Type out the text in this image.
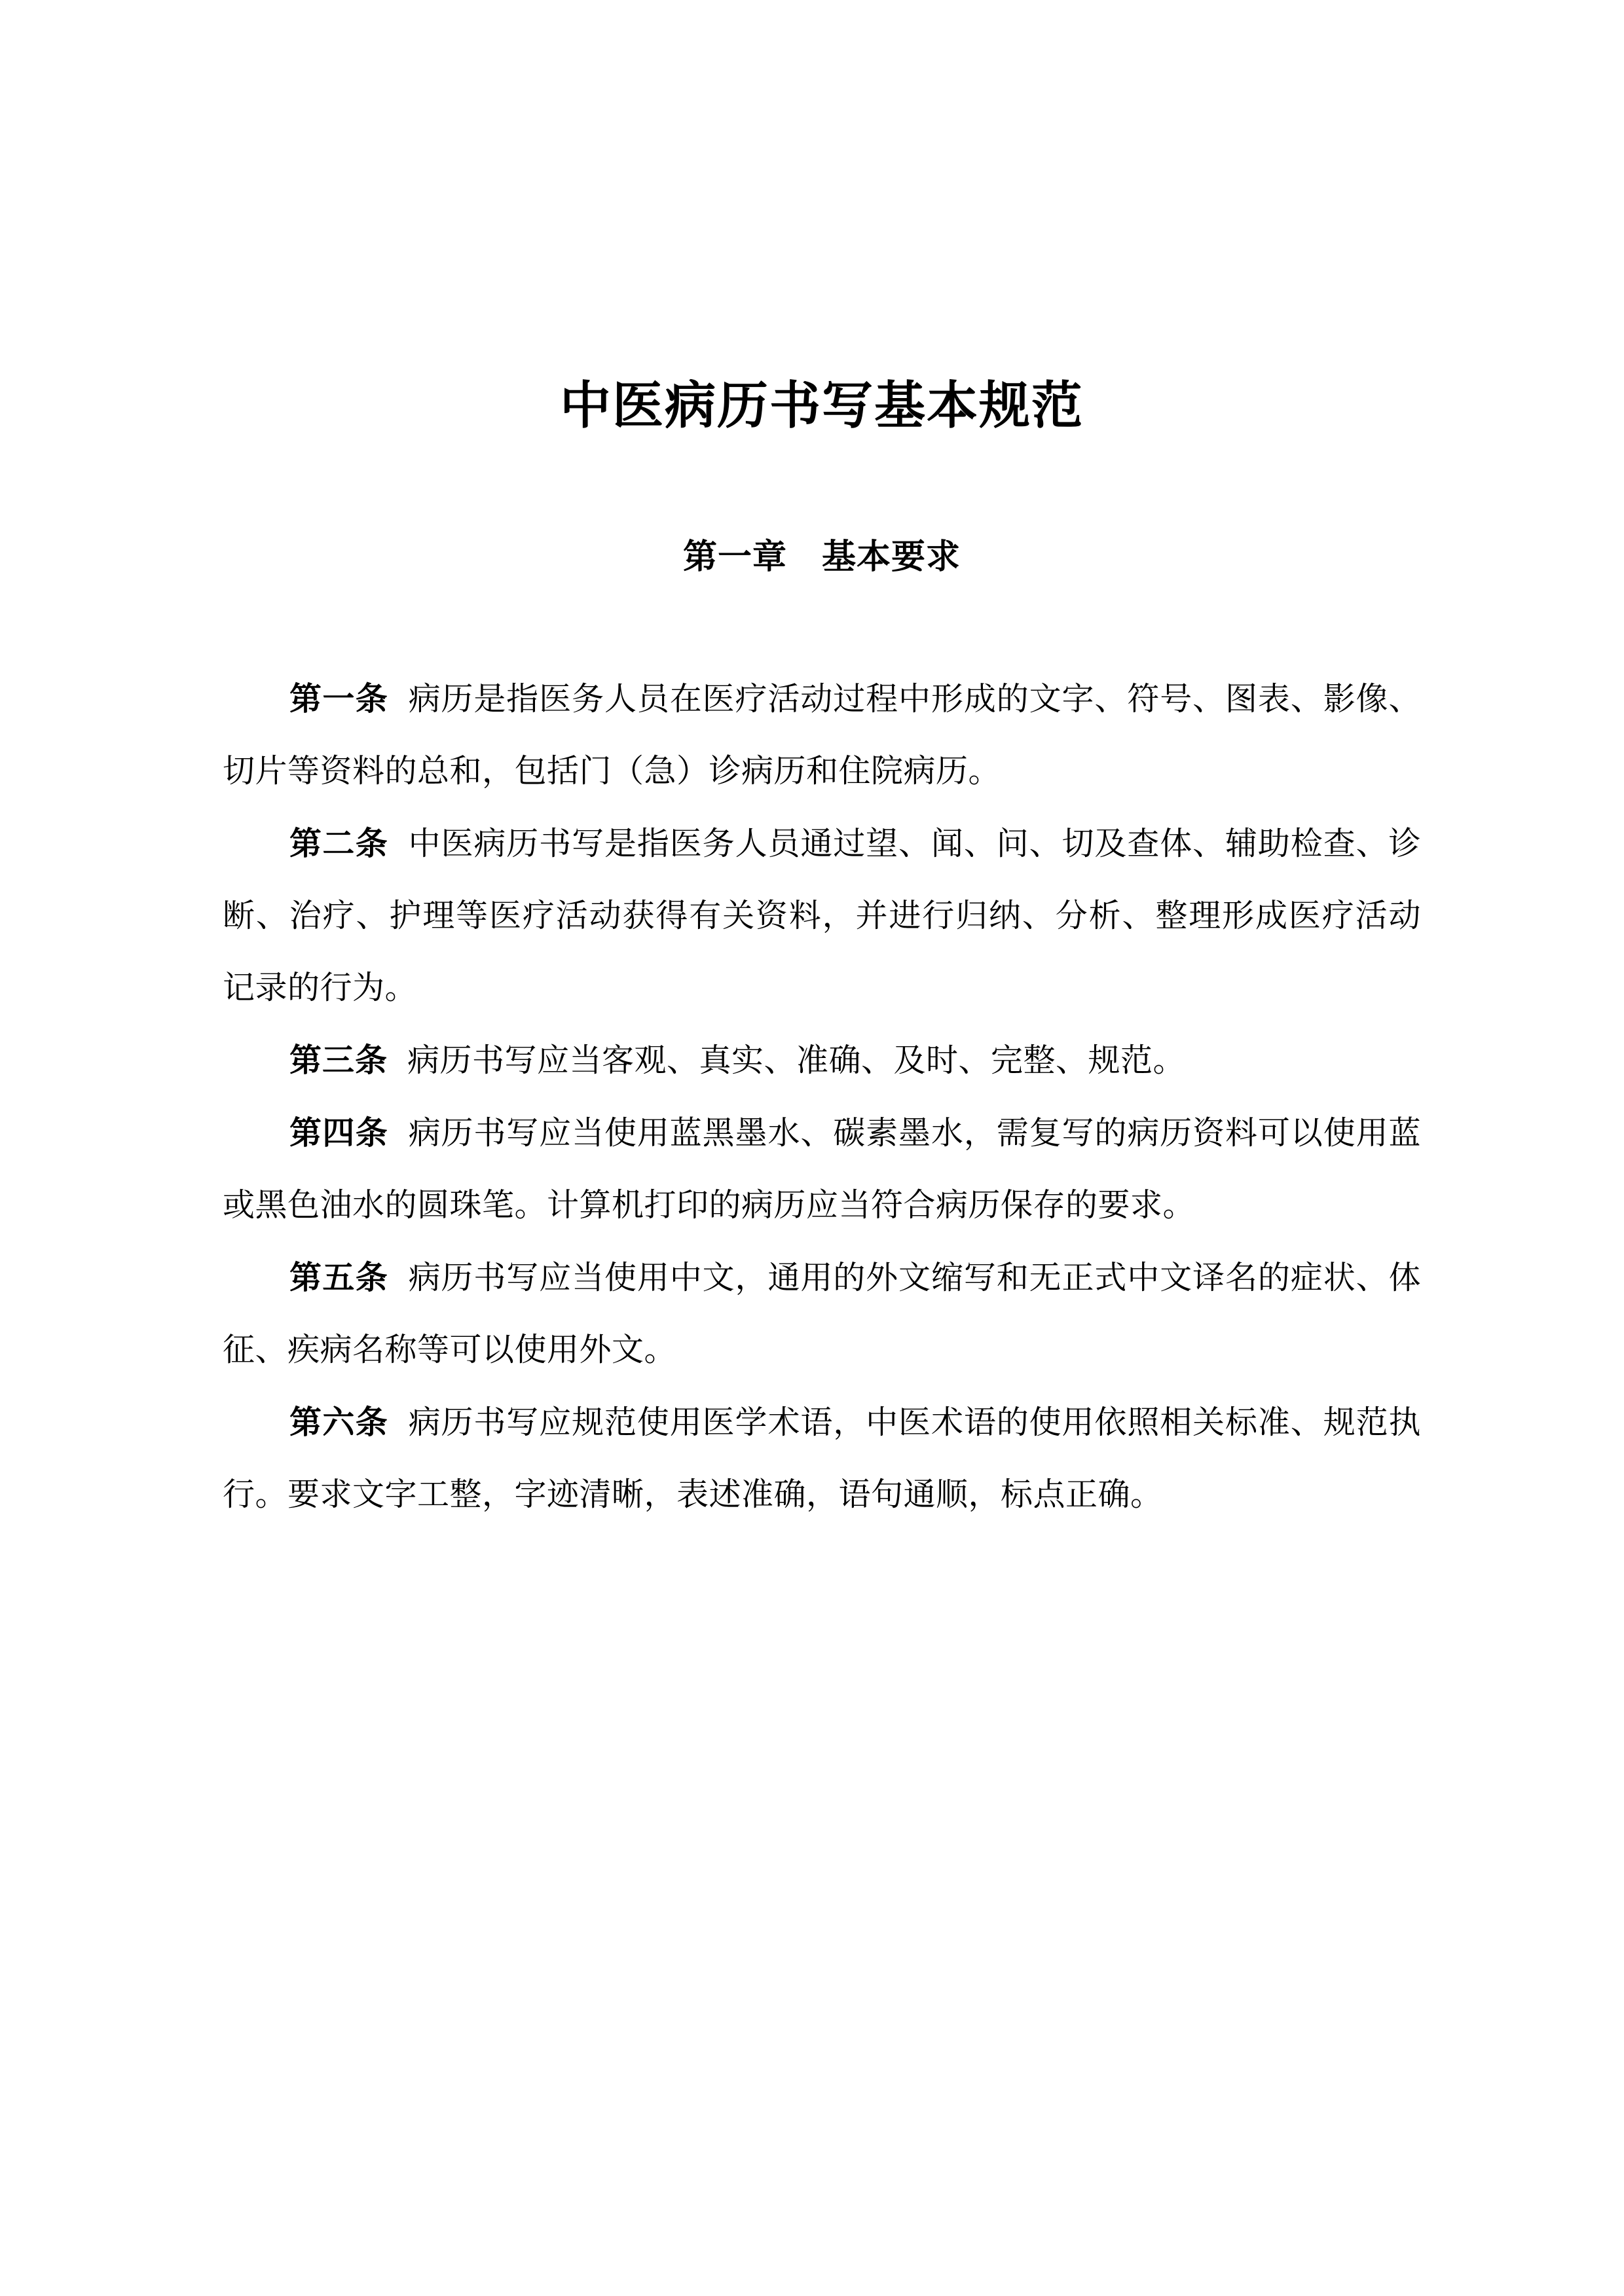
中医病历书写基本规范
第一章　基本要求

第一条 病历是指医务人员在医疗活动过程中形成的文字、符号、图表、影像、切片等资料的总和，包括门（急）诊病历和住院病历。

第二条 中医病历书写是指医务人员通过望、闻、问、切及查体、辅助检查、诊断、治疗、护理等医疗活动获得有关资料，并进行归纳、分析、整理形成医疗活动记录的行为。

第三条 病历书写应当客观、真实、准确、及时、完整、规范。

第四条 病历书写应当使用蓝黑墨水、碳素墨水，需复写的病历资料可以使用蓝或黑色油水的圆珠笔。计算机打印的病历应当符合病历保存的要求。

第五条 病历书写应当使用中文，通用的外文缩写和无正式中文译名的症状、体征、疾病名称等可以使用外文。

第六条 病历书写应规范使用医学术语，中医术语的使用依照相关标准、规范执行。要求文字工整，字迹清晰，表述准确，语句通顺，标点正确。
